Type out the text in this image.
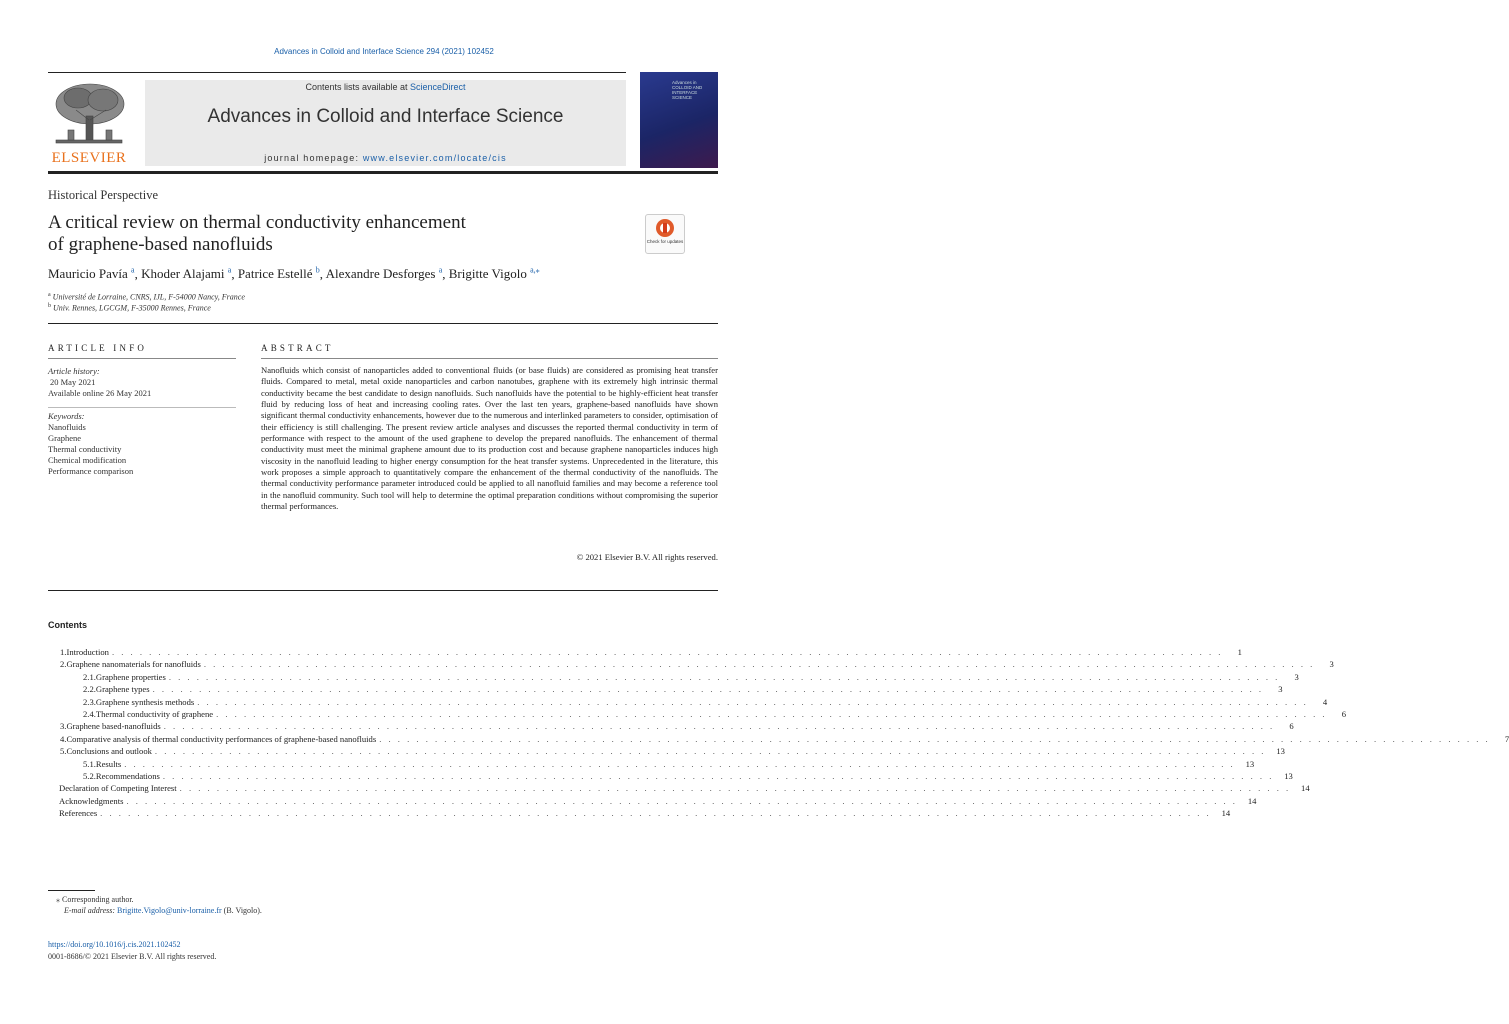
Advances in Colloid and Interface Science 294 (2021) 102452
ELSEVIER
Contents lists available at ScienceDirect
Advances in Colloid and Interface Science
journal homepage: www.elsevier.com/locate/cis
Advances in COLLOID AND INTERFACE SCIENCE
Historical Perspective
A critical review on thermal conductivity enhancement
of graphene-based nanofluids	Check for updates
Mauricio Pavía $^a$, Khoder Alajami $^a$, Patrice Estellé $^b$, Alexandre Desforges $^a$, Brigitte Vigolo $^{a,⁎}$
$^a$ Université de Lorraine, CNRS, IJL, F-54000 Nancy, France
$^b$ Univ. Rennes, LGCGM, F-35000 Rennes, France
ARTICLE INFO
Article history:
20 May 2021
Available online 26 May 2021
Keywords:
Nanofluids
Graphene
Thermal conductivity
Chemical modification
Performance comparison
ABSTRACT
Nanofluids which consist of nanoparticles added to conventional fluids (or base fluids) are considered as promising heat transfer fluids. Compared to metal, metal oxide nanoparticles and carbon nanotubes, graphene with its extremely high intrinsic thermal conductivity became the best candidate to design nanofluids. Such nanofluids have the potential to be highly-efficient heat transfer fluid by reducing loss of heat and increasing cooling rates. Over the last ten years, graphene-based nanofluids have shown significant thermal conductivity enhancements, however due to the numerous and interlinked parameters to consider, optimisation of their efficiency is still challenging. The present review article analyses and discusses the reported thermal conductivity in term of performance with respect to the amount of the used graphene to develop the prepared nanofluids. The enhancement of thermal conductivity must meet the minimal graphene amount due to its production cost and because graphene nanoparticles induces high viscosity in the nanofluid leading to higher energy consumption for the heat transfer systems. Unprecedented in the literature, this work proposes a simple approach to quantitatively compare the enhancement of the thermal conductivity of the nanofluids. The thermal conductivity performance parameter introduced could be applied to all nanofluid families and may become a reference tool in the nanofluid community. Such tool will help to determine the optimal preparation conditions without compromising the superior thermal performances.
© 2021 Elsevier B.V. All rights reserved.
Contents
1. Introduction . . . . . . . . . . . . . . . . . . . . . . . . . . . . . . . . . . . . . . . . . . . . . . . . . . . . . . . . . . . . . . . . . . . . . . . . . . . . . . . . . . . . . . . . . . . . . . . . . . . . . . . . . . . . . . . . . . . . . . . .	1
2. Graphene nanomaterials for nanofluids . . . . . . . . . . . . . . . . . . . . . . . . . . . . . . . . . . . . . . . . . . . . . . . . . . . . . . . . . . . . . . . . . . . . . . . . . . . . . . . . . . . . . . . . . . . . . . . . . . . . . . . . . . . . . . . . . . . . . . . .	3
2.1. Graphene properties . . . . . . . . . . . . . . . . . . . . . . . . . . . . . . . . . . . . . . . . . . . . . . . . . . . . . . . . . . . . . . . . . . . . . . . . . . . . . . . . . . . . . . . . . . . . . . . . . . . . . . . . . . . . . . . . . . . . . . . .	3
2.2. Graphene types . . . . . . . . . . . . . . . . . . . . . . . . . . . . . . . . . . . . . . . . . . . . . . . . . . . . . . . . . . . . . . . . . . . . . . . . . . . . . . . . . . . . . . . . . . . . . . . . . . . . . . . . . . . . . . . . . . . . . . . .	3
2.3. Graphene synthesis methods . . . . . . . . . . . . . . . . . . . . . . . . . . . . . . . . . . . . . . . . . . . . . . . . . . . . . . . . . . . . . . . . . . . . . . . . . . . . . . . . . . . . . . . . . . . . . . . . . . . . . . . . . . . . . . . . . . . . . . . .	4
2.4. Thermal conductivity of graphene . . . . . . . . . . . . . . . . . . . . . . . . . . . . . . . . . . . . . . . . . . . . . . . . . . . . . . . . . . . . . . . . . . . . . . . . . . . . . . . . . . . . . . . . . . . . . . . . . . . . . . . . . . . . . . . . . . . . . . . .	6
3. Graphene based-nanofluids . . . . . . . . . . . . . . . . . . . . . . . . . . . . . . . . . . . . . . . . . . . . . . . . . . . . . . . . . . . . . . . . . . . . . . . . . . . . . . . . . . . . . . . . . . . . . . . . . . . . . . . . . . . . . . . . . . . . . . . .	6
4. Comparative analysis of thermal conductivity performances of graphene-based nanofluids . . . . . . . . . . . . . . . . . . . . . . . . . . . . . . . . . . . . . . . . . . . . . . . . . . . . . . . . . . . . . . . . . . . . . . . . . . . . . . . . . . . . . . . . . . . . . . . . . . . . . . . . . . . . . . . . . . . . . . . .	7
5. Conclusions and outlook . . . . . . . . . . . . . . . . . . . . . . . . . . . . . . . . . . . . . . . . . . . . . . . . . . . . . . . . . . . . . . . . . . . . . . . . . . . . . . . . . . . . . . . . . . . . . . . . . . . . . . . . . . . . . . . . . . . . . . . .	13
5.1. Results . . . . . . . . . . . . . . . . . . . . . . . . . . . . . . . . . . . . . . . . . . . . . . . . . . . . . . . . . . . . . . . . . . . . . . . . . . . . . . . . . . . . . . . . . . . . . . . . . . . . . . . . . . . . . . . . . . . . . . . .	13
5.2. Recommendations . . . . . . . . . . . . . . . . . . . . . . . . . . . . . . . . . . . . . . . . . . . . . . . . . . . . . . . . . . . . . . . . . . . . . . . . . . . . . . . . . . . . . . . . . . . . . . . . . . . . . . . . . . . . . . . . . . . . . . . .	13
Declaration of Competing Interest . . . . . . . . . . . . . . . . . . . . . . . . . . . . . . . . . . . . . . . . . . . . . . . . . . . . . . . . . . . . . . . . . . . . . . . . . . . . . . . . . . . . . . . . . . . . . . . . . . . . . . . . . . . . . . . . . . . . . . . .	14
Acknowledgments . . . . . . . . . . . . . . . . . . . . . . . . . . . . . . . . . . . . . . . . . . . . . . . . . . . . . . . . . . . . . . . . . . . . . . . . . . . . . . . . . . . . . . . . . . . . . . . . . . . . . . . . . . . . . . . . . . . . . . . .	14
References . . . . . . . . . . . . . . . . . . . . . . . . . . . . . . . . . . . . . . . . . . . . . . . . . . . . . . . . . . . . . . . . . . . . . . . . . . . . . . . . . . . . . . . . . . . . . . . . . . . . . . . . . . . . . . . . . . . . . . . .	14
⁎ Corresponding author.
E-mail address: Brigitte.Vigolo@univ-lorraine.fr (B. Vigolo).
https://doi.org/10.1016/j.cis.2021.102452
0001-8686/© 2021 Elsevier B.V. All rights reserved.
